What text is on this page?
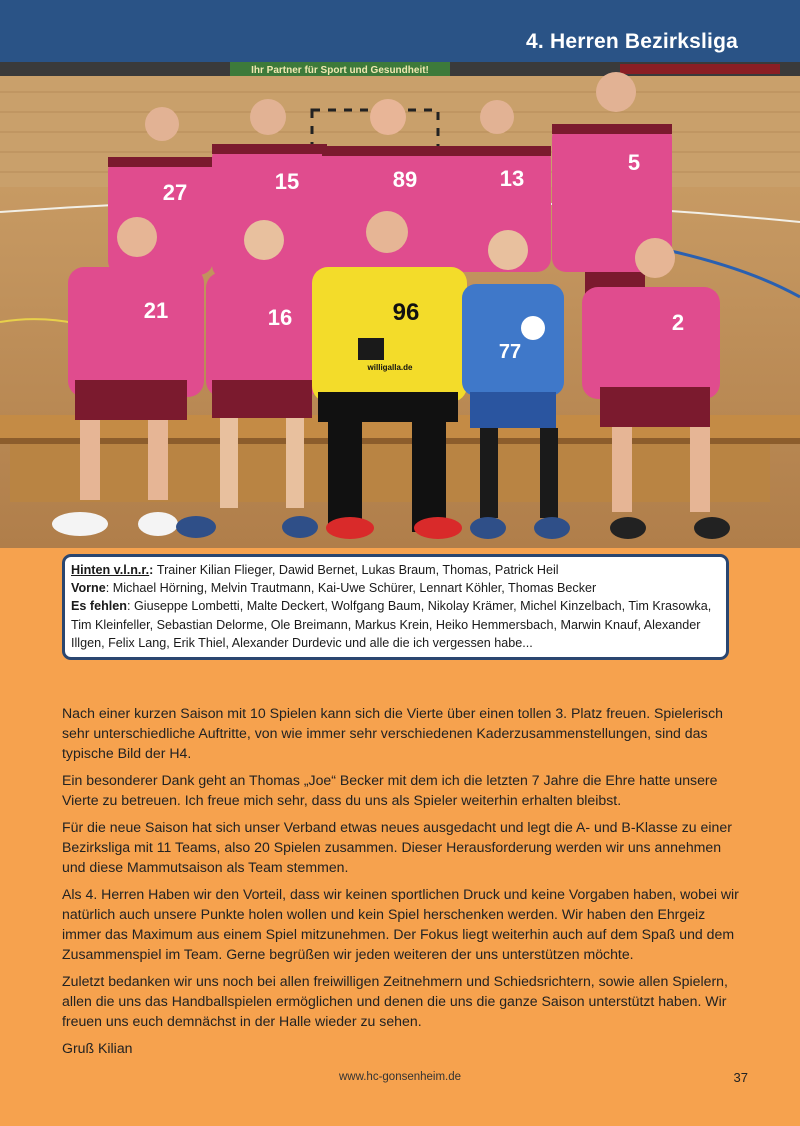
4. Herren Bezirksliga
Ihr Partner für Sport und Gesundheit!
27	15	89	13
5
21	16	96
willigalla.de
77
2
Hinten v.l.n.r.: Trainer Kilian Flieger, Dawid Bernet, Lukas Braum, Thomas, Patrick Heil
Vorne: Michael Hörning, Melvin Trautmann, Kai-Uwe Schürer, Lennart Köhler, Thomas Becker
Es fehlen: Giuseppe Lombetti, Malte Deckert, Wolfgang Baum, Nikolay Krämer, Michel Kinzelbach, Tim Krasowka, Tim Kleinfeller, Sebastian Delorme, Ole Breimann, Markus Krein, Heiko Hemmersbach, Marwin Knauf, Alexander Illgen, Felix Lang, Erik Thiel, Alexander Durdevic und alle die ich vergessen habe...

Nach einer kurzen Saison mit 10 Spielen kann sich die Vierte über einen tollen 3. Platz freuen. Spielerisch sehr unterschiedliche Auftritte, von wie immer sehr verschiedenen Kaderzusammenstellungen, sind das typische Bild der H4.

Ein besonderer Dank geht an Thomas „Joe“ Becker mit dem ich die letzten 7 Jahre die Ehre hatte unsere Vierte zu betreuen. Ich freue mich sehr, dass du uns als Spieler weiterhin erhalten bleibst.

Für die neue Saison hat sich unser Verband etwas neues ausgedacht und legt die A- und B-Klasse zu einer Bezirksliga mit 11 Teams, also 20 Spielen zusammen. Dieser Herausforderung werden wir uns annehmen und diese Mammutsaison als Team stemmen.

Als 4. Herren Haben wir den Vorteil, dass wir keinen sportlichen Druck und keine Vorgaben haben, wobei wir natürlich auch unsere Punkte holen wollen und kein Spiel herschenken werden. Wir haben den Ehrgeiz immer das Maximum aus einem Spiel mitzunehmen. Der Fokus liegt weiterhin auch auf dem Spaß und dem Zusammenspiel im Team. Gerne begrüßen wir jeden weiteren der uns unterstützen möchte.

Zuletzt bedanken wir uns noch bei allen freiwilligen Zeitnehmern und Schiedsrichtern, sowie allen Spielern, allen die uns das Handballspielen ermöglichen und denen die uns die ganze Saison unterstützt haben. Wir freuen uns euch demnächst in der Halle wieder zu sehen.

Gruß Kilian

www.hc-gonsenheim.de	37
